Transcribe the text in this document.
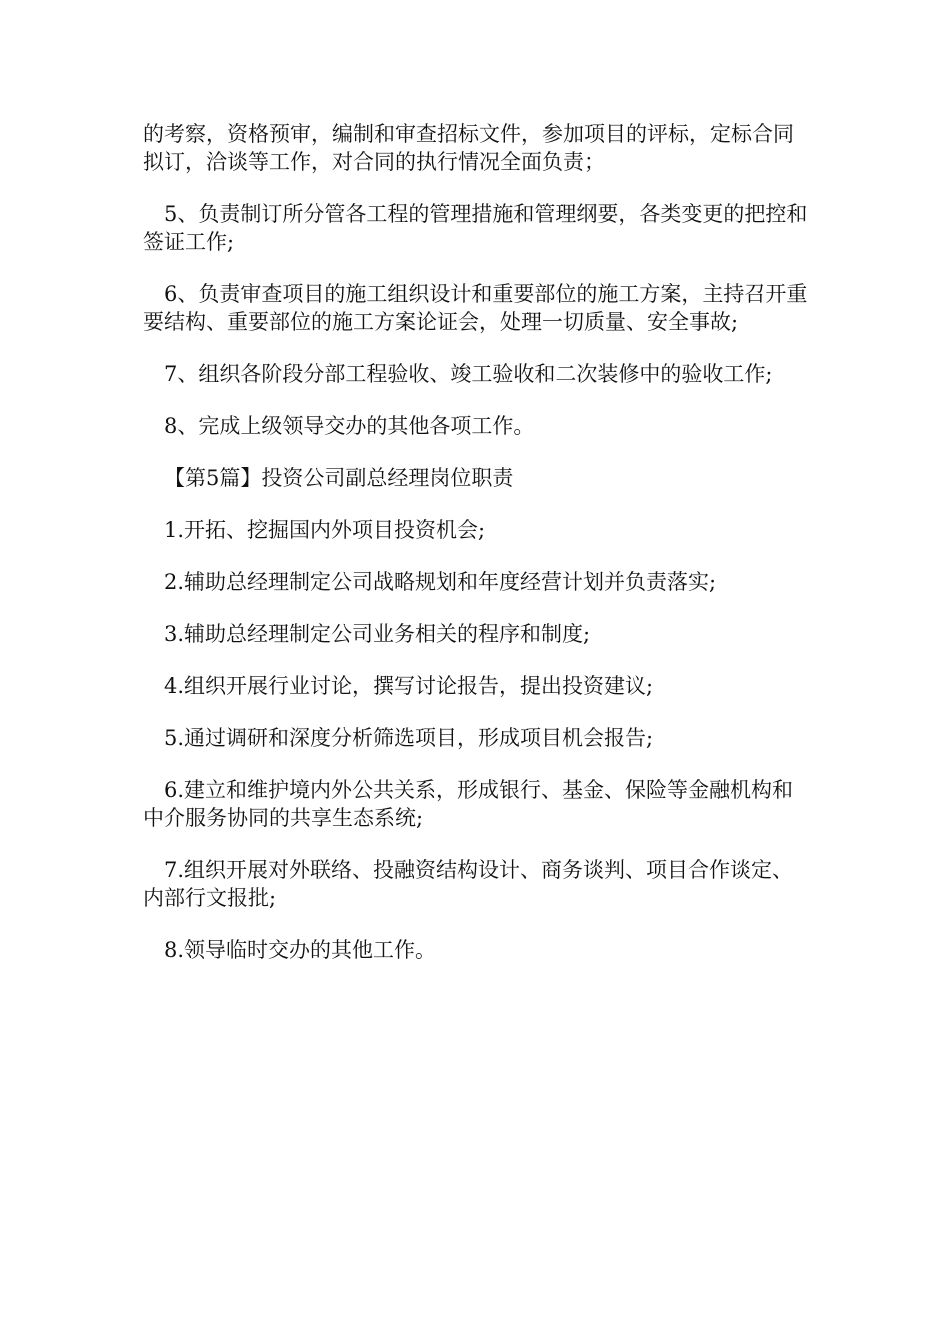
的考察，资格预审，编制和审查招标文件，参加项目的评标，定标合同拟订，洽谈等工作，对合同的执行情况全面负责；

5、负责制订所分管各工程的管理措施和管理纲要，各类变更的把控和签证工作;

6、负责审查项目的施工组织设计和重要部位的施工方案，主持召开重要结构、重要部位的施工方案论证会，处理一切质量、安全事故;

7、组织各阶段分部工程验收、竣工验收和二次装修中的验收工作;

8、完成上级领导交办的其他各项工作。

【第5篇】投资公司副总经理岗位职责

1.开拓、挖掘国内外项目投资机会;

2.辅助总经理制定公司战略规划和年度经营计划并负责落实;

3.辅助总经理制定公司业务相关的程序和制度;

4.组织开展行业讨论，撰写讨论报告，提出投资建议;

5.通过调研和深度分析筛选项目，形成项目机会报告;

6.建立和维护境内外公共关系，形成银行、基金、保险等金融机构和中介服务协同的共享生态系统;

7.组织开展对外联络、投融资结构设计、商务谈判、项目合作谈定、内部行文报批;

8.领导临时交办的其他工作。
